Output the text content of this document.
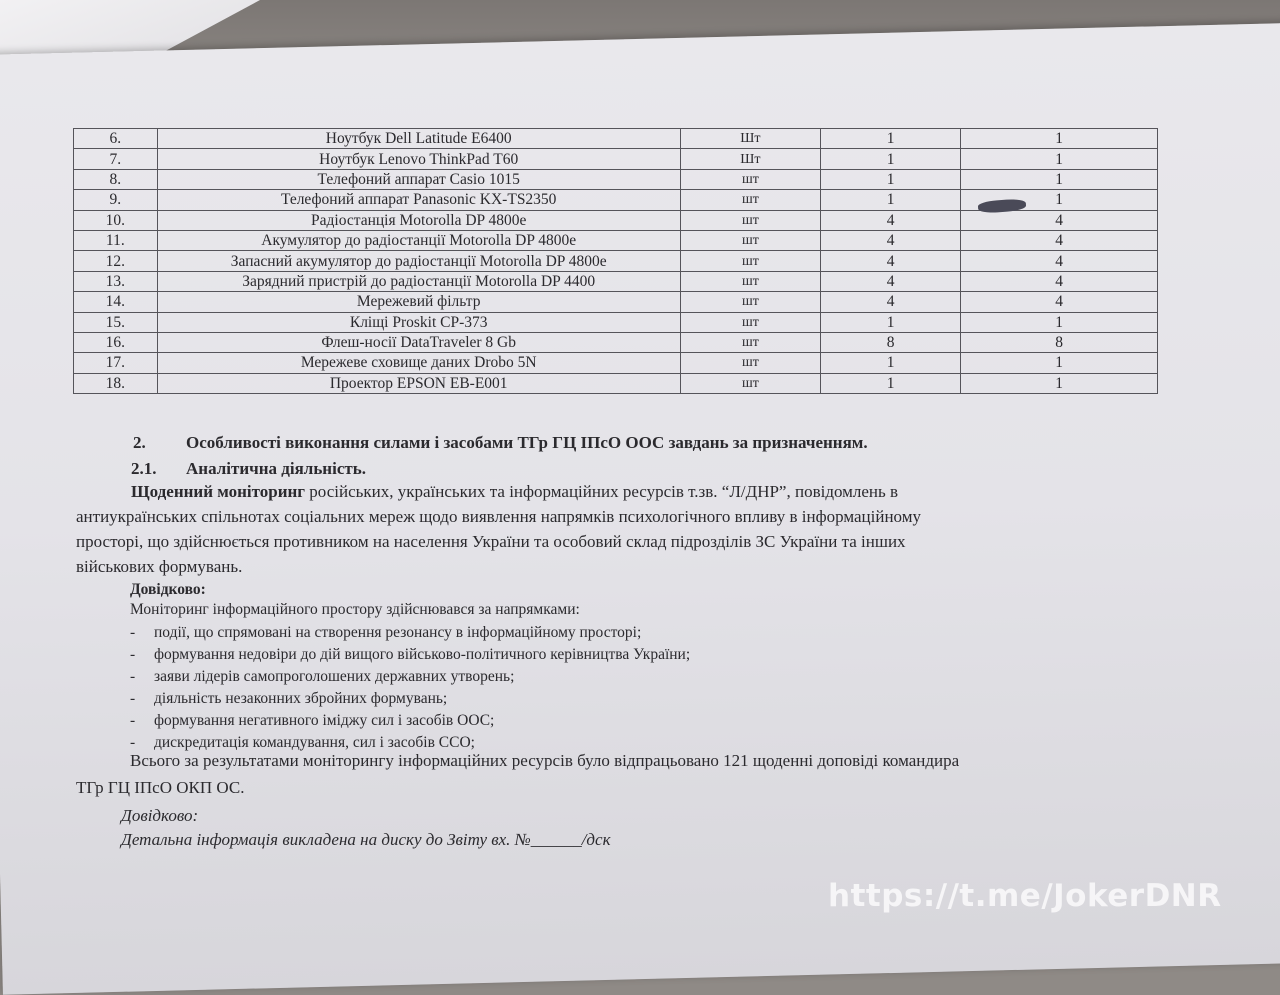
6.	Ноутбук Dell Latitude E6400	Шт	1	1
7.	Ноутбук Lenovo ThinkPad T60	Шт	1	1
8.	Телефоний аппарат Casio 1015	шт	1	1
9.	Телефоний аппарат Panasonic KX-TS2350	шт	1	1
10.	Радіостанція Motorolla DP 4800e	шт	4	4
11.	Акумулятор до радіостанції Motorolla DP 4800e	шт	4	4
12.	Запасний акумулятор до радіостанції Motorolla DP 4800e	шт	4	4
13.	Зарядний пристрій до радіостанції Motorolla DP 4400	шт	4	4
14.	Мережевий фільтр	шт	4	4
15.	Кліщі Proskit CP-373	шт	1	1
16.	Флеш-носії DataTraveler 8 Gb	шт	8	8
17.	Мережеве сховище даних Drobo 5N	шт	1	1
18.	Проектор EPSON EB-E001	шт	1	1
2. Особливості виконання силами і засобами ТГр ГЦ ІПсО ООС завдань за призначенням.
2.1. Аналітична діяльність.
Щоденний моніторинг російських, українських та інформаційних ресурсів т.зв. “Л/ДНР”, повідомлень в
антиукраїнських спільнотах соціальних мереж щодо виявлення напрямків психологічного впливу в інформаційному
просторі, що здійснюється противником на населення України та особовий склад підрозділів ЗС України та інших
військових формувань.
Довідково:
Моніторинг інформаційного простору здійснювався за напрямками:
- події, що спрямовані на створення резонансу в інформаційному просторі;
- формування недовіри до дій вищого військово-політичного керівництва України;
- заяви лідерів самопроголошених державних утворень;
- діяльність незаконних збройних формувань;
- формування негативного іміджу сил і засобів ООС;
- дискредитація командування, сил і засобів ССО;
Всього за результатами моніторингу інформаційних ресурсів було відпрацьовано 121 щоденні доповіді командира
ТГр ГЦ ІПсО ОКП ОС.
Довідково:
Детальна інформація викладена на диску до Звіту вх. №______/дск
https://t.me/JokerDNR
